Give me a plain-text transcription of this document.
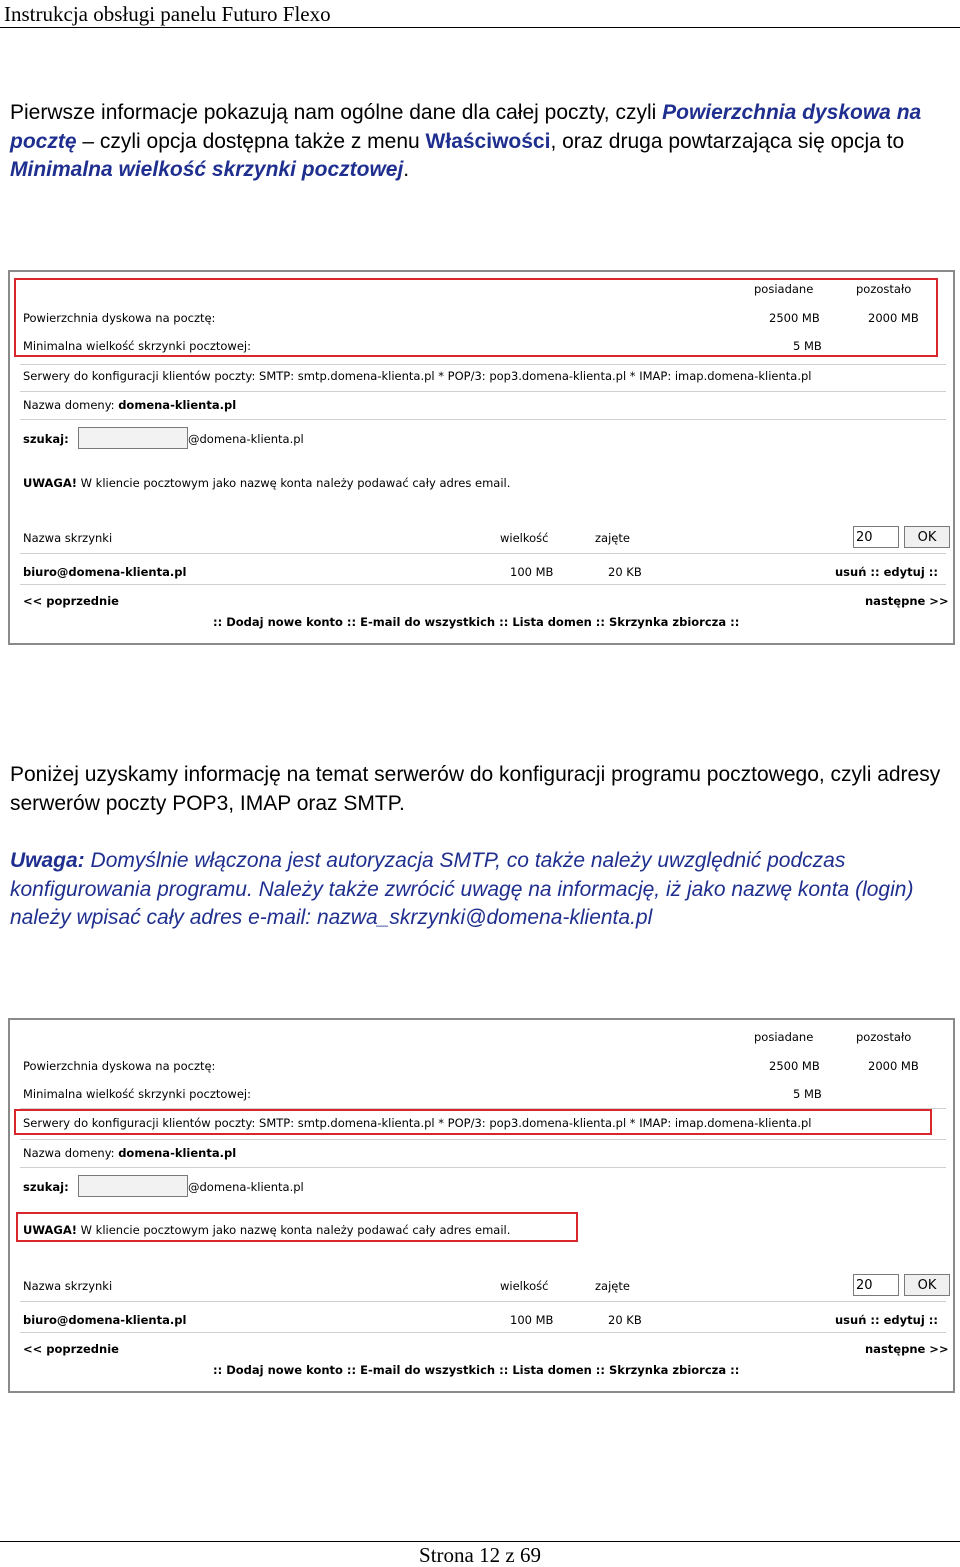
Instrukcja obsługi panelu Futuro Flexo
Pierwsze informacje pokazują nam ogólne dane dla całej poczty, czyli Powierzchnia dyskowa na pocztę – czyli opcja dostępna także z menu Właściwości, oraz druga powtarzająca się opcja to Minimalna wielkość skrzynki pocztowej.
posiadane	pozostało
Powierzchnia dyskowa na pocztę:	2500 MB	2000 MB
Minimalna wielkość skrzynki pocztowej:	5 MB
Serwery do konfiguracji klientów poczty: SMTP: smtp.domena-klienta.pl * POP/3: pop3.domena-klienta.pl * IMAP: imap.domena-klienta.pl
Nazwa domeny: domena-klienta.pl
szukaj:	@domena-klienta.pl
UWAGA! W kliencie pocztowym jako nazwę konta należy podawać cały adres email.
Nazwa skrzynki	wielkość	zajęte	20	OK
biuro@domena-klienta.pl	100 MB	20 KB	usuń :: edytuj ::
<< poprzednie	następne >>
:: Dodaj nowe konto :: E-mail do wszystkich :: Lista domen :: Skrzynka zbiorcza ::
Poniżej uzyskamy informację na temat serwerów do konfiguracji programu pocztowego, czyli adresy serwerów poczty POP3, IMAP oraz SMTP.
Uwaga: Domyślnie włączona jest autoryzacja SMTP, co także należy uwzględnić podczas konfigurowania programu. Należy także zwrócić uwagę na informację, iż jako nazwę konta (login) należy wpisać cały adres e-mail: nazwa_skrzynki@domena-klienta.pl
posiadane	pozostało
Powierzchnia dyskowa na pocztę:	2500 MB	2000 MB
Minimalna wielkość skrzynki pocztowej:	5 MB
Serwery do konfiguracji klientów poczty: SMTP: smtp.domena-klienta.pl * POP/3: pop3.domena-klienta.pl * IMAP: imap.domena-klienta.pl
Nazwa domeny: domena-klienta.pl
szukaj:	@domena-klienta.pl
UWAGA! W kliencie pocztowym jako nazwę konta należy podawać cały adres email.
Nazwa skrzynki	wielkość	zajęte	20	OK
biuro@domena-klienta.pl	100 MB	20 KB	usuń :: edytuj ::
<< poprzednie	następne >>
:: Dodaj nowe konto :: E-mail do wszystkich :: Lista domen :: Skrzynka zbiorcza ::
Strona 12 z 69
